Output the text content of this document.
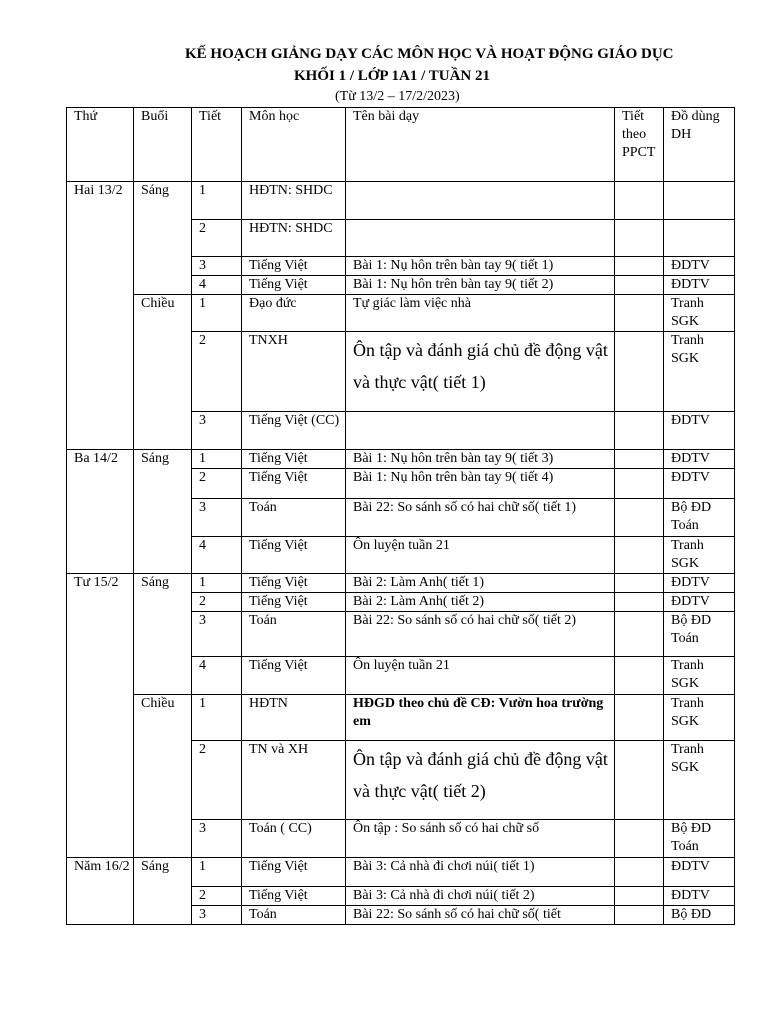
KẾ HOẠCH GIẢNG DẠY CÁC MÔN HỌC VÀ HOẠT ĐỘNG GIÁO DỤC
KHỐI 1 / LỚP 1A1 / TUẦN 21
(Từ 13/2 – 17/2/2023)
Thứ	Buổi	Tiết	Môn học	Tên bài dạy	Tiết theo PPCT	Đồ dùng DH
Hai 13/2	Sáng	1	HĐTN: SHDC			
		2	HĐTN: SHDC			
		3	Tiếng Việt	Bài 1: Nụ hôn trên bàn tay 9( tiết 1)		ĐDTV
		4	Tiếng Việt	Bài 1: Nụ hôn trên bàn tay 9( tiết 2)		ĐDTV
	Chiều	1	Đạo đức	Tự giác làm việc nhà		Tranh SGK
		2	TNXH	Ôn tập và đánh giá chủ đề động vật và thực vật( tiết 1)		Tranh SGK
		3	Tiếng Việt (CC)			ĐDTV
Ba 14/2	Sáng	1	Tiếng Việt	Bài 1: Nụ hôn trên bàn tay 9( tiết 3)		ĐDTV
		2	Tiếng Việt	Bài 1: Nụ hôn trên bàn tay 9( tiết 4)		ĐDTV
		3	Toán	Bài 22: So sánh số có hai chữ số( tiết 1)		Bộ ĐD Toán
		4	Tiếng Việt	Ôn luyện tuần 21		Tranh SGK
Tư 15/2	Sáng	1	Tiếng Việt	Bài 2: Làm Anh( tiết 1)		ĐDTV
		2	Tiếng Việt	Bài 2: Làm Anh( tiết 2)		ĐDTV
		3	Toán	Bài 22: So sánh số có hai chữ số( tiết 2)		Bộ ĐD Toán
		4	Tiếng Việt	Ôn luyện tuần 21		Tranh SGK
	Chiều	1	HĐTN	HĐGD theo chủ đề CĐ: Vườn hoa trường em		Tranh SGK
		2	TN và XH	Ôn tập và đánh giá chủ đề động vật và thực vật( tiết 2)		Tranh SGK
		3	Toán ( CC)	Ôn tập : So sánh số có hai chữ số		Bộ ĐD Toán
Năm 16/2	Sáng	1	Tiếng Việt	Bài 3: Cả nhà đi chơi núi( tiết 1)		ĐDTV
		2	Tiếng Việt	Bài 3: Cả nhà đi chơi núi( tiết 2)		ĐDTV
		3	Toán	Bài 22: So sánh số có hai chữ số( tiết		Bộ ĐD
